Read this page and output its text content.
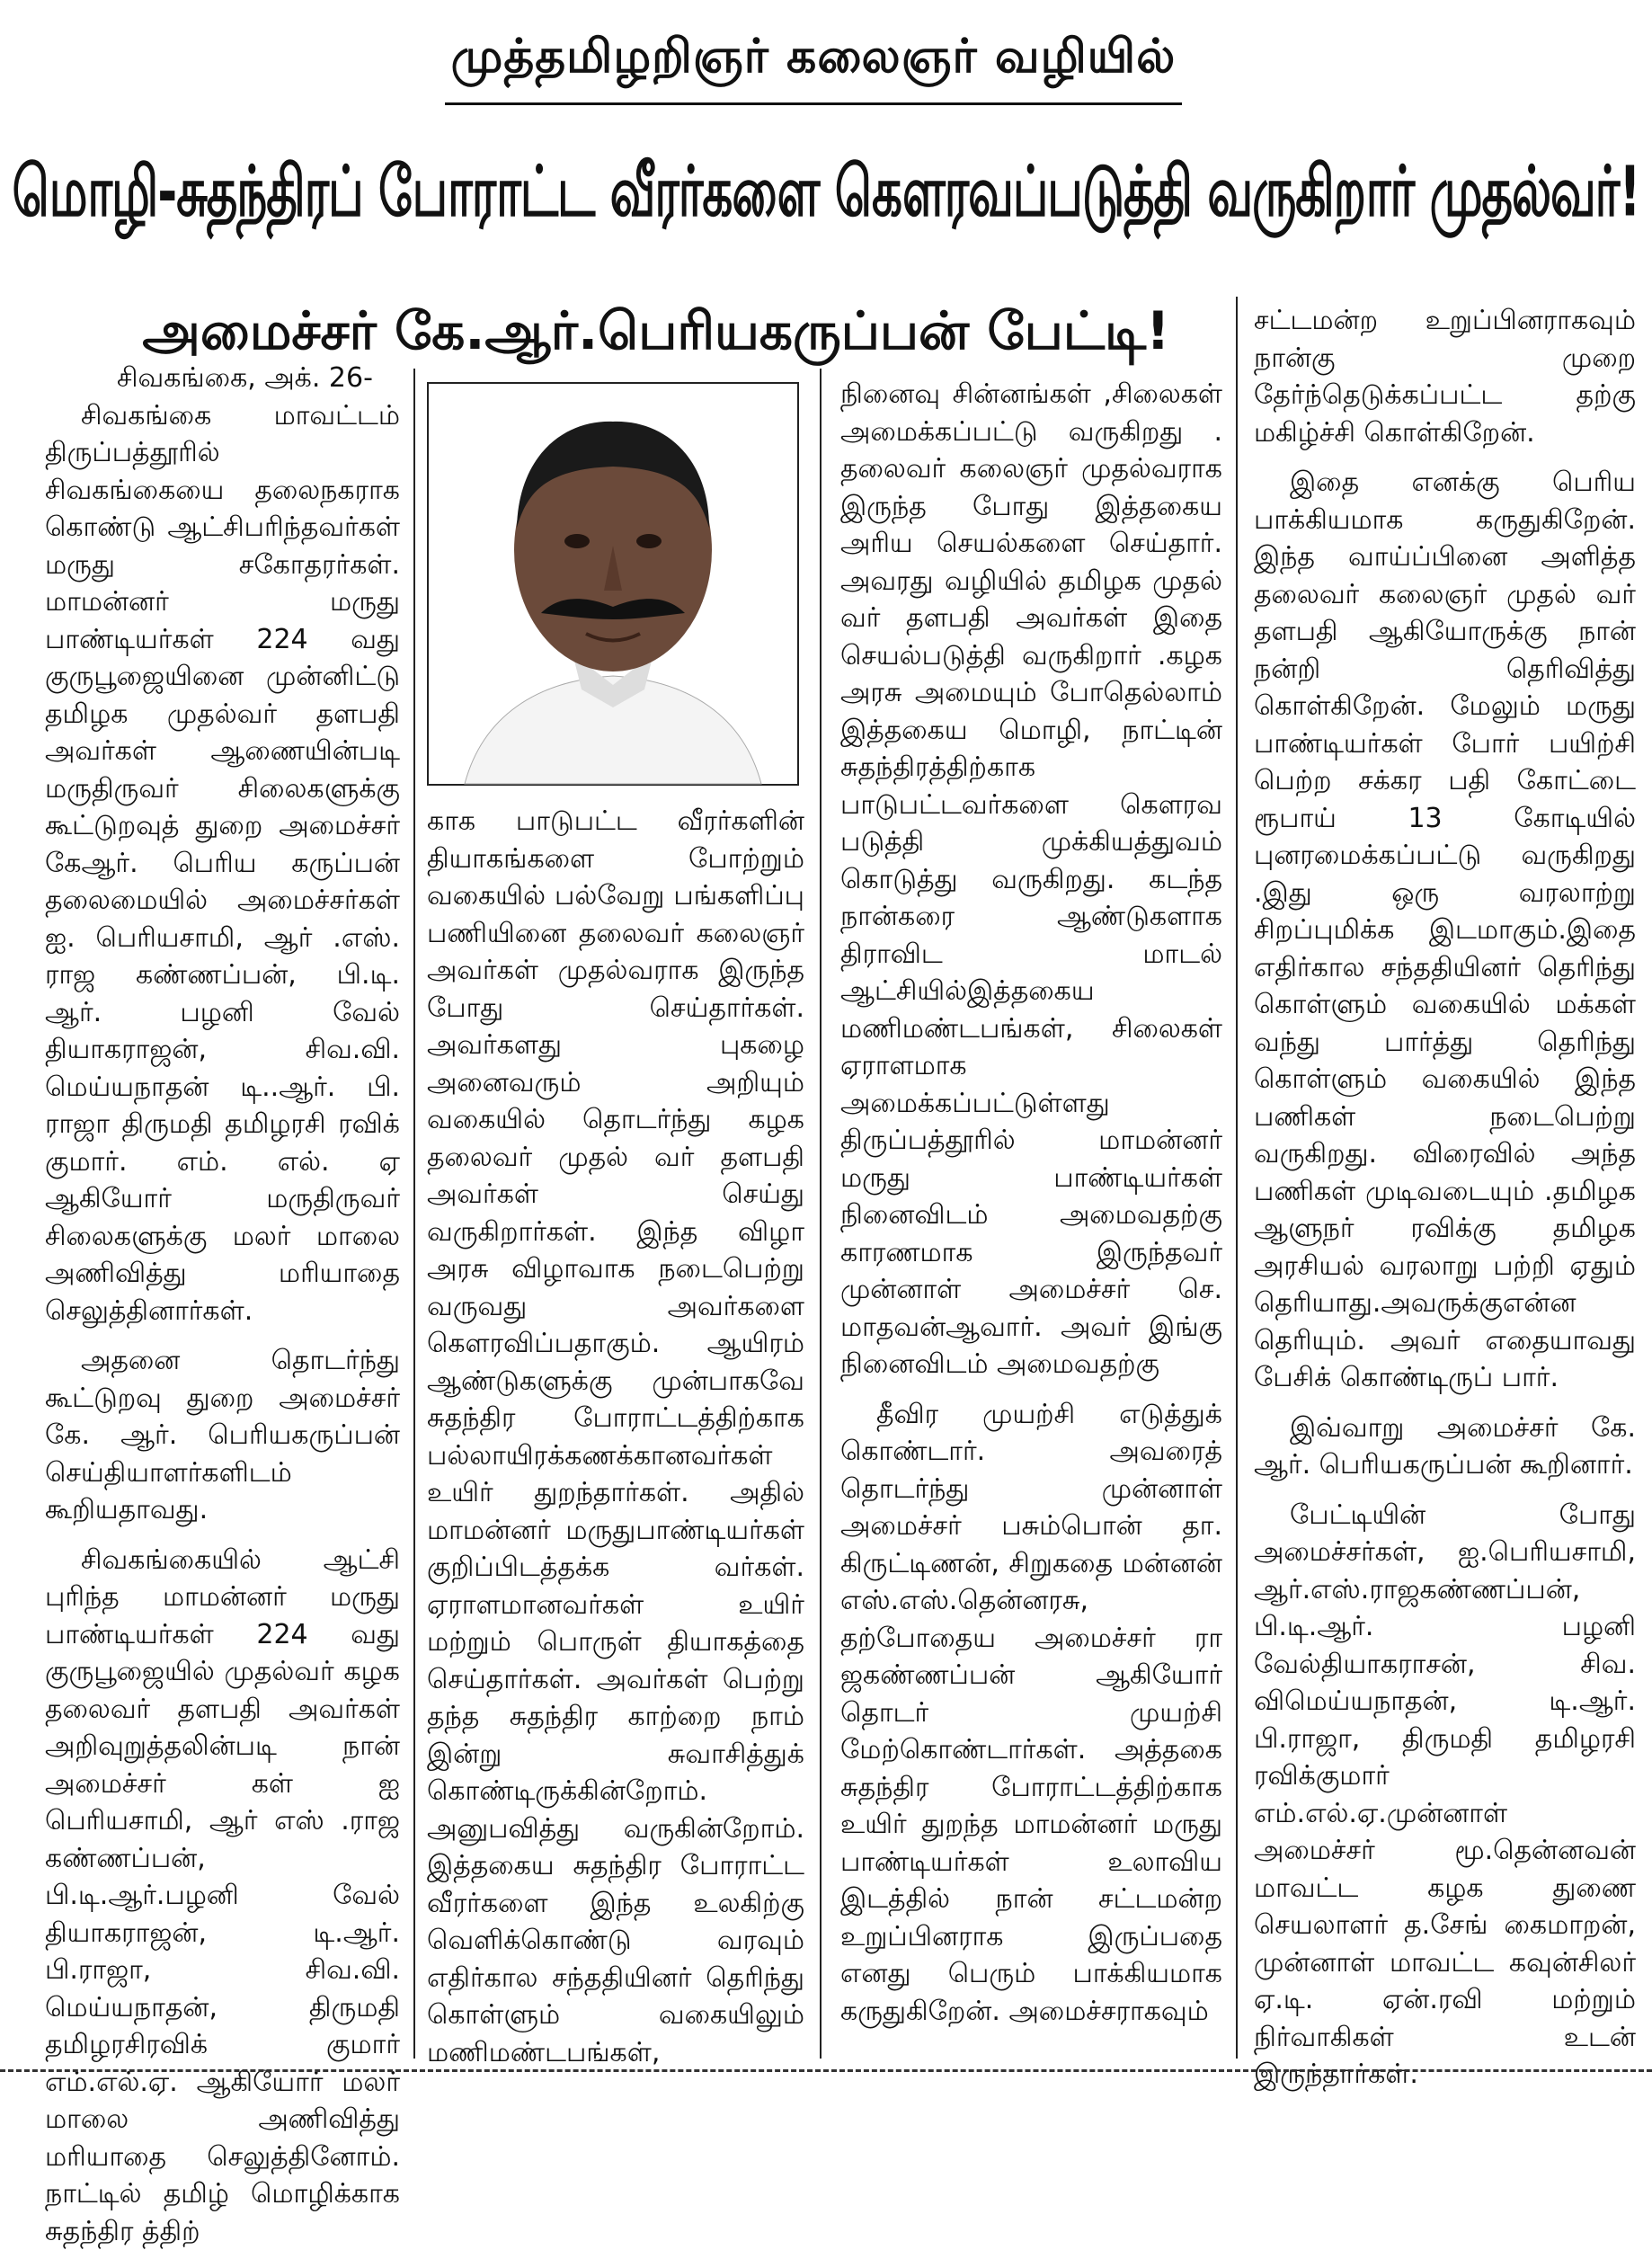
முத்தமிழறிஞர் கலைஞர் வழியில்
மொழி-சுதந்திரப் போராட்ட வீரர்களை கௌரவப்படுத்தி வருகிறார் முதல்வர்!
அமைச்சர் கே.ஆர்.பெரியகருப்பன் பேட்டி!

சிவகங்கை, அக். 26-

சிவகங்கை மாவட்டம் திருப்பத்தூரில் சிவகங்கையை தலைநகராக கொண்டு ஆட்சிபரிந்தவர்கள் மருது சகோதரர்கள். மாமன்னர் மருது பாண்டியர்கள் 224 வது குருபூஜையினை முன்னிட்டு தமிழக முதல்வர் தளபதி அவர்கள் ஆணையின்படி மருதிருவர் சிலைகளுக்கு கூட்டுறவுத் துறை அமைச்சர் கேஆர். பெரிய கருப்பன் தலைமையில் அமைச்சர்கள் ஐ. பெரியசாமி, ஆர் .எஸ். ராஜ கண்ணப்பன், பி.டி. ஆர். பழனி வேல் தியாகராஜன், சிவ.வி. மெய்யநாதன் டி..ஆர். பி. ராஜா திருமதி தமிழரசி ரவிக் குமார். எம். எல். ஏ ஆகியோர் மருதிருவர் சிலைகளுக்கு மலர் மாலை அணிவித்து மரியாதை செலுத்தினார்கள்.

அதனை தொடர்ந்து கூட்டுறவு துறை அமைச்சர் கே. ஆர். பெரியகருப்பன் செய்தியாளர்களிடம் கூறியதாவது.

சிவகங்கையில் ஆட்சி புரிந்த மாமன்னர் மருது பாண்டியர்கள் 224 வது குருபூஜையில் முதல்வர் கழக தலைவர் தளபதி அவர்கள் அறிவுறுத்தலின்படி நான் அமைச்சர் கள் ஐ பெரியசாமி, ஆர் எஸ் .ராஜ கண்ணப்பன், பி.டி.ஆர்.பழனி வேல் தியாகராஜன், டி.ஆர். பி.ராஜா, சிவ.வி. மெய்யநாதன், திருமதி தமிழரசிரவிக் குமார் எம்.எல்.ஏ. ஆகியோர் மலர் மாலை அணிவித்து மரியாதை செலுத்தினோம். நாட்டில் தமிழ் மொழிக்காக சுதந்திர த்திற்

காக பாடுபட்ட வீரர்களின் தியாகங்களை போற்றும் வகையில் பல்வேறு பங்களிப்பு பணியினை தலைவர் கலைஞர் அவர்கள் முதல்வராக இருந்த போது செய்தார்கள். அவர்களது புகழை அனைவரும் அறியும் வகையில் தொடர்ந்து கழக தலைவர் முதல் வர் தளபதி அவர்கள் செய்து வருகிறார்கள். இந்த விழா அரசு விழாவாக நடைபெற்று வருவது அவர்களை கௌரவிப்பதாகும். ஆயிரம் ஆண்டுகளுக்கு முன்பாகவே சுதந்திர போராட்டத்திற்காக பல்லாயிரக்கணக்கானவர்கள் உயிர் துறந்தார்கள். அதில் மாமன்னர் மருதுபாண்டியர்கள் குறிப்பிடத்தக்க வர்கள். ஏராளமானவர்கள் உயிர் மற்றும் பொருள் தியாகத்தை செய்தார்கள். அவர்கள் பெற்று தந்த சுதந்திர காற்றை நாம் இன்று சுவாசித்துக் கொண்டிருக்கின்றோம். அனுபவித்து வருகின்றோம். இத்தகைய சுதந்திர போராட்ட வீரர்களை இந்த உலகிற்கு வெளிக்கொண்டு வரவும் எதிர்கால சந்ததியினர் தெரிந்து கொள்ளும் வகையிலும் மணிமண்டபங்கள்,

நினைவு சின்னங்கள் ,சிலைகள் அமைக்கப்பட்டு வருகிறது . தலைவர் கலைஞர் முதல்வராக இருந்த போது இத்தகைய அரிய செயல்களை செய்தார். அவரது வழியில் தமிழக முதல் வர் தளபதி அவர்கள் இதை செயல்படுத்தி வருகிறார் .கழக அரசு அமையும் போதெல்லாம் இத்தகைய மொழி, நாட்டின் சுதந்திரத்திற்காக பாடுபட்டவர்களை கௌரவ படுத்தி முக்கியத்துவம் கொடுத்து வருகிறது. கடந்த நான்கரை ஆண்டுகளாக திராவிட மாடல் ஆட்சியில்இத்தகைய மணிமண்டபங்கள், சிலைகள் ஏராளமாக அமைக்கப்பட்டுள்ளது திருப்பத்தூரில் மாமன்னர் மருது பாண்டியர்கள் நினைவிடம் அமைவதற்கு காரணமாக இருந்தவர் முன்னாள் அமைச்சர் செ. மாதவன்ஆவார். அவர் இங்கு நினைவிடம் அமைவதற்கு

தீவிர முயற்சி எடுத்துக் கொண்டார். அவரைத் தொடர்ந்து முன்னாள் அமைச்சர் பசும்பொன் தா. கிருட்டிணன், சிறுகதை மன்னன் எஸ்.எஸ்.தென்னரசு, தற்போதைய அமைச்சர் ரா ஜகண்ணப்பன் ஆகியோர் தொடர் முயற்சி மேற்கொண்டார்கள். அத்தகை சுதந்திர போராட்டத்திற்காக உயிர் துறந்த மாமன்னர் மருது பாண்டியர்கள் உலாவிய இடத்தில் நான் சட்டமன்ற உறுப்பினராக இருப்பதை எனது பெரும் பாக்கியமாக கருதுகிறேன். அமைச்சராகவும்

சட்டமன்ற உறுப்பினராகவும் நான்கு முறை தேர்ந்தெடுக்கப்பட்ட தற்கு மகிழ்ச்சி கொள்கிறேன்.

இதை எனக்கு பெரிய பாக்கியமாக கருதுகிறேன். இந்த வாய்ப்பினை அளித்த தலைவர் கலைஞர் முதல் வர் தளபதி ஆகியோருக்கு நான் நன்றி தெரிவித்து கொள்கிறேன். மேலும் மருது பாண்டியர்கள் போர் பயிற்சி பெற்ற சக்கர பதி கோட்டை ரூபாய் 13 கோடியில் புனரமைக்கப்பட்டு வருகிறது .இது ஒரு வரலாற்று சிறப்புமிக்க இடமாகும்.இதை எதிர்கால சந்ததியினர் தெரிந்து கொள்ளும் வகையில் மக்கள் வந்து பார்த்து தெரிந்து கொள்ளும் வகையில் இந்த பணிகள் நடைபெற்று வருகிறது. விரைவில் அந்த பணிகள் முடிவடையும் .தமிழக ஆளுநர் ரவிக்கு தமிழக அரசியல் வரலாறு பற்றி ஏதும் தெரியாது.அவருக்குஎன்ன தெரியும். அவர் எதையாவது பேசிக் கொண்டிருப் பார்.

இவ்வாறு அமைச்சர் கே. ஆர். பெரியகருப்பன் கூறினார்.

பேட்டியின் போது அமைச்சர்கள், ஐ.பெரியசாமி, ஆர்.எஸ்.ராஜகண்ணப்பன், பி.டி.ஆர். பழனி வேல்தியாகராசன், சிவ. விமெய்யநாதன், டி.ஆர். பி.ராஜா, திருமதி தமிழரசி ரவிக்குமார் எம்.எல்.ஏ.முன்னாள் அமைச்சர் மூ.தென்னவன் மாவட்ட கழக துணை செயலாளர் த.சேங் கைமாறன், முன்னாள் மாவட்ட கவுன்சிலர் ஏ.டி. ஏன்.ரவி மற்றும் நிர்வாகிகள் உடன் இருந்தார்கள்.
